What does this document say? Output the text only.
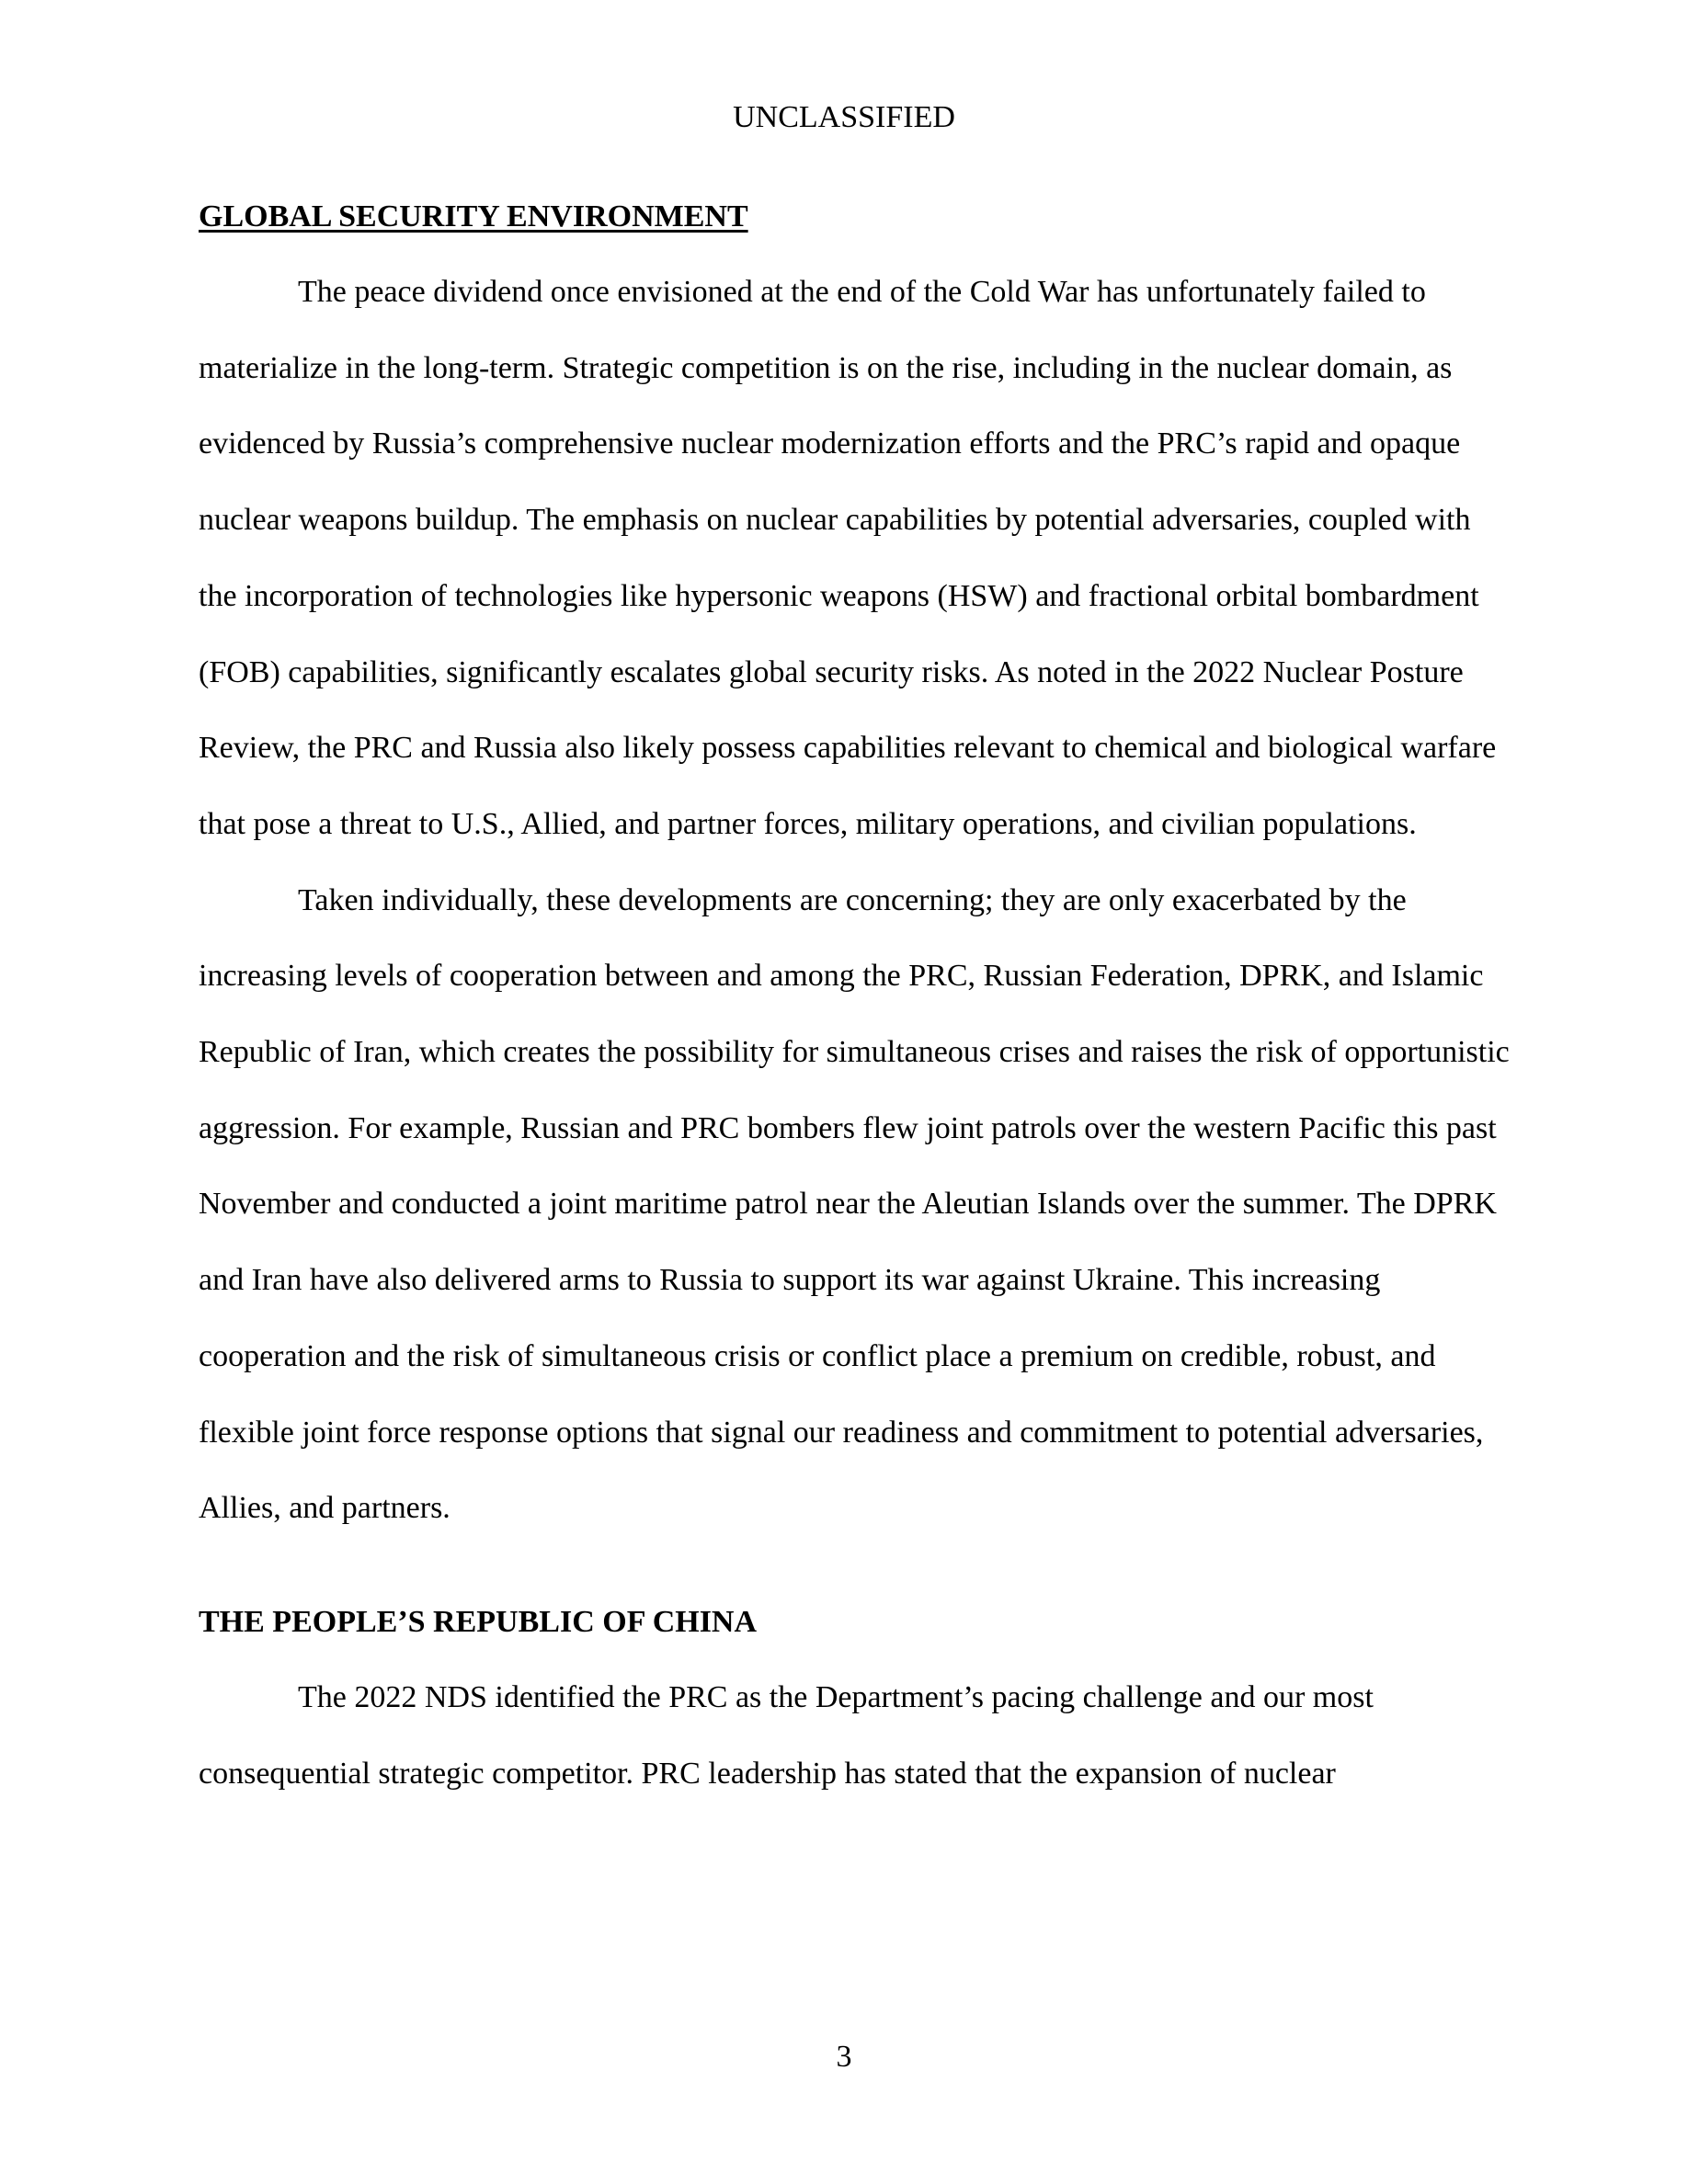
UNCLASSIFIED
GLOBAL SECURITY ENVIRONMENT

The peace dividend once envisioned at the end of the Cold War has unfortunately failed to materialize in the long-term. Strategic competition is on the rise, including in the nuclear domain, as evidenced by Russia’s comprehensive nuclear modernization efforts and the PRC’s rapid and opaque nuclear weapons buildup. The emphasis on nuclear capabilities by potential adversaries, coupled with the incorporation of technologies like hypersonic weapons (HSW) and fractional orbital bombardment (FOB) capabilities, significantly escalates global security risks. As noted in the 2022 Nuclear Posture Review, the PRC and Russia also likely possess capabilities relevant to chemical and biological warfare that pose a threat to U.S., Allied, and partner forces, military operations, and civilian populations.

Taken individually, these developments are concerning; they are only exacerbated by the increasing levels of cooperation between and among the PRC, Russian Federation, DPRK, and Islamic Republic of Iran, which creates the possibility for simultaneous crises and raises the risk of opportunistic aggression. For example, Russian and PRC bombers flew joint patrols over the western Pacific this past November and conducted a joint maritime patrol near the Aleutian Islands over the summer. The DPRK and Iran have also delivered arms to Russia to support its war against Ukraine. This increasing cooperation and the risk of simultaneous crisis or conflict place a premium on credible, robust, and flexible joint force response options that signal our readiness and commitment to potential adversaries, Allies, and partners.

THE PEOPLE’S REPUBLIC OF CHINA

The 2022 NDS identified the PRC as the Department’s pacing challenge and our most consequential strategic competitor. PRC leadership has stated that the expansion of nuclear

3
